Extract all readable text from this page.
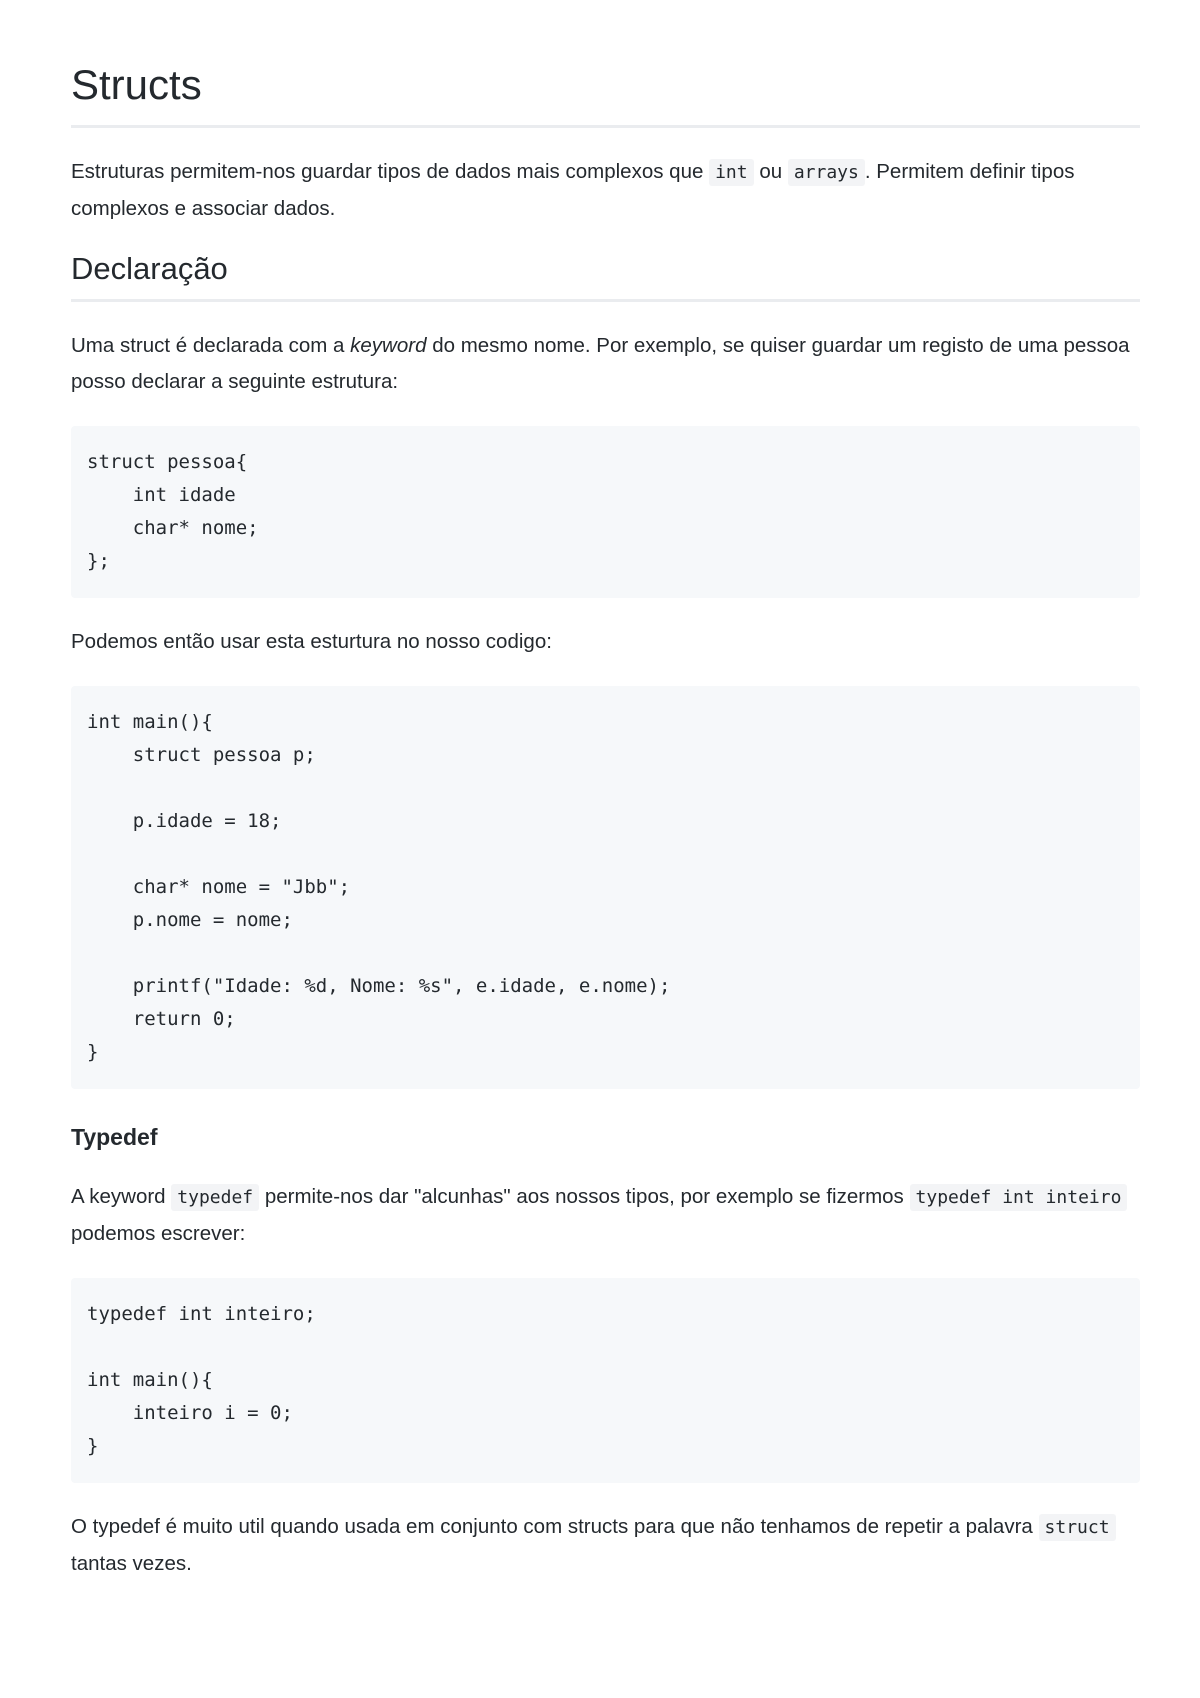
Structs

Estruturas permitem-nos guardar tipos de dados mais complexos que int ou arrays . Permitem definir tipos complexos e associar dados.

Declaração

Uma struct é declarada com a keyword do mesmo nome. Por exemplo, se quiser guardar um registo de uma pessoa posso declarar a seguinte estrutura:

struct pessoa{
int idade
char* nome;
};

Podemos então usar esta esturtura no nosso codigo:

int main(){
struct pessoa p;
p.idade = 18;
char* nome = "Jbb";
p.nome = nome;
printf("Idade: %d, Nome: %s", e.idade, e.nome);
return 0;
}
Typedef

A keyword typedef permite-nos dar "alcunhas" aos nossos tipos, por exemplo se fizermos typedef int inteiro podemos escrever:

typedef int inteiro;
int main(){
inteiro i = 0;
}

O typedef é muito util quando usada em conjunto com structs para que não tenhamos de repetir a palavra struct tantas vezes.
